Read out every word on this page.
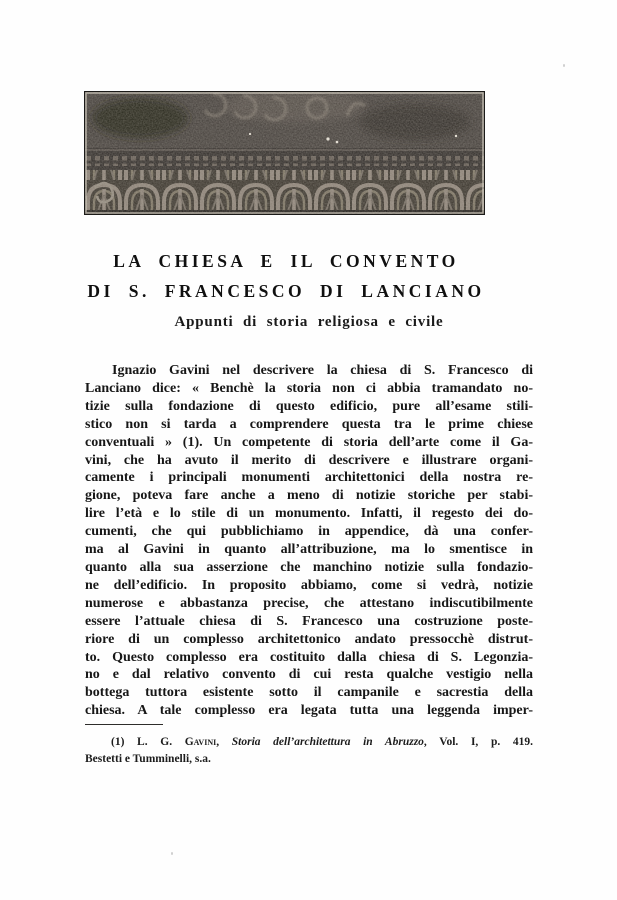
LA CHIESA E IL CONVENTO
DI S. FRANCESCO DI LANCIANO
Appunti di storia religiosa e civile
Ignazio Gavini nel descrivere la chiesa di S. Francesco di
Lanciano dice: « Benchè la storia non ci abbia tramandato no-
tizie sulla fondazione di questo edificio, pure all’esame stili-
stico non si tarda a comprendere questa tra le prime chiese
conventuali » (1). Un competente di storia dell’arte come il Ga-
vini, che ha avuto il merito di descrivere e illustrare organi-
camente i principali monumenti architettonici della nostra re-
gione, poteva fare anche a meno di notizie storiche per stabi-
lire l’età e lo stile di un monumento. Infatti, il regesto dei do-
cumenti, che qui pubblichiamo in appendice, dà una confer-
ma al Gavini in quanto all’attribuzione, ma lo smentisce in
quanto alla sua asserzione che manchino notizie sulla fondazio-
ne dell’edificio. In proposito abbiamo, come si vedrà, notizie
numerose e abbastanza precise, che attestano indiscutibilmente
essere l’attuale chiesa di S. Francesco una costruzione poste-
riore di un complesso architettonico andato pressocchè distrut-
to. Questo complesso era costituito dalla chiesa di S. Legonzia-
no e dal relativo convento di cui resta qualche vestigio nella
bottega tuttora esistente sotto il campanile e sacrestia della
chiesa. A tale complesso era legata tutta una leggenda imper-
(1) L. G. Gavini, Storia dell’architettura in Abruzzo, Vol. I, p. 419.
Bestetti e Tumminelli, s.a.
